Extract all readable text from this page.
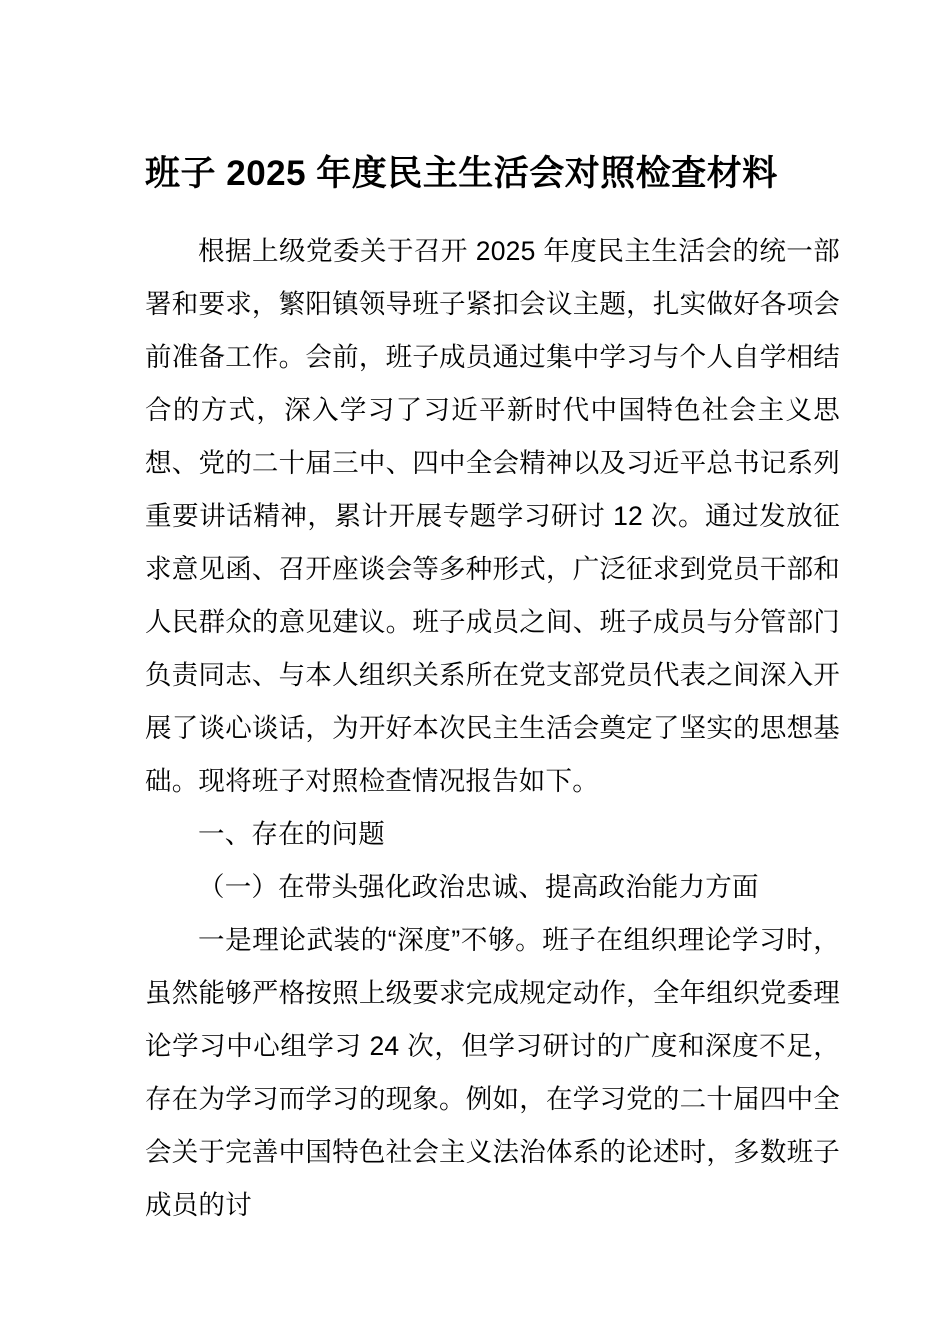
班子 2025 年度民主生活会对照检查材料

根据上级党委关于召开 2025 年度民主生活会的统一部署和要求，繁阳镇领导班子紧扣会议主题，扎实做好各项会前准备工作。会前，班子成员通过集中学习与个人自学相结合的方式，深入学习了习近平新时代中国特色社会主义思想、党的二十届三中、四中全会精神以及习近平总书记系列重要讲话精神，累计开展专题学习研讨 12 次。通过发放征求意见函、召开座谈会等多种形式，广泛征求到党员干部和人民群众的意见建议。班子成员之间、班子成员与分管部门负责同志、与本人组织关系所在党支部党员代表之间深入开展了谈心谈话，为开好本次民主生活会奠定了坚实的思想基础。现将班子对照检查情况报告如下。

一、存在的问题

（一）在带头强化政治忠诚、提高政治能力方面

一是理论武装的“深度”不够。班子在组织理论学习时，虽然能够严格按照上级要求完成规定动作，全年组织党委理论学习中心组学习 24 次，但学习研讨的广度和深度不足，存在为学习而学习的现象。例如，在学习党的二十届四中全会关于完善中国特色社会主义法治体系的论述时，多数班子成员的讨
